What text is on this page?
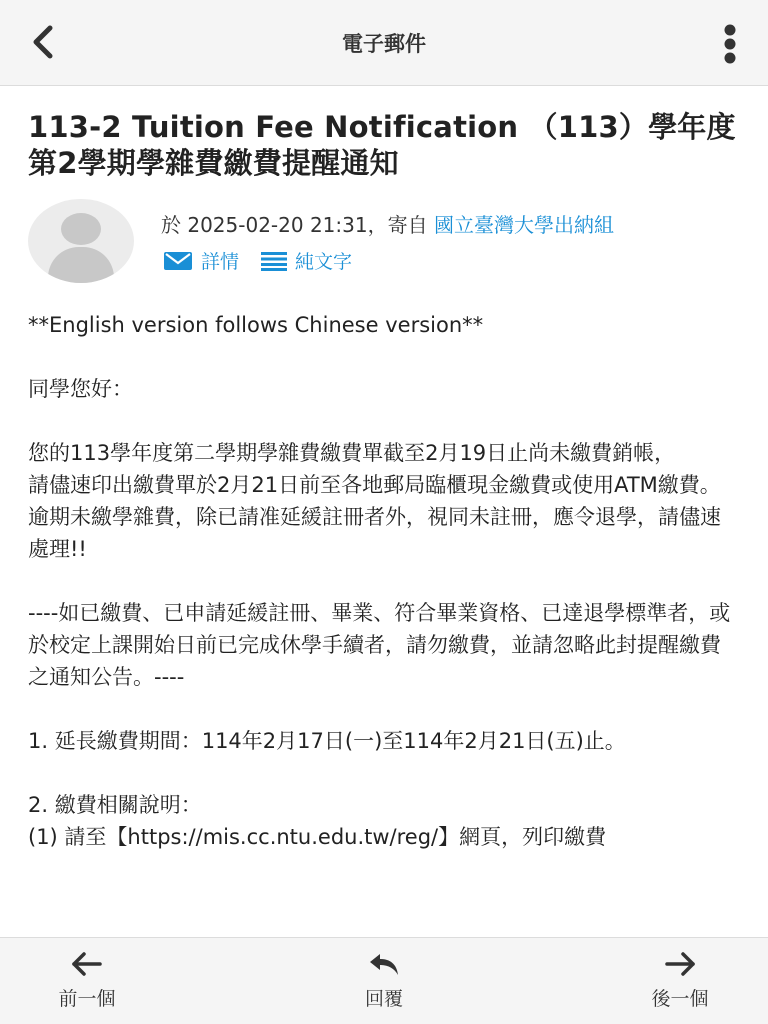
電子郵件
113-2 Tuition Fee Notification （113）學年度第2學期學雜費繳費提醒通知
於 2025-02-20 21:31，寄自 國立臺灣大學出納組
詳情	純文字

**English version follows Chinese version**

同學您好：

您的113學年度第二學期學雜費繳費單截至2月19日止尚未繳費銷帳，
請儘速印出繳費單於2月21日前至各地郵局臨櫃現金繳費或使用ATM繳費。
逾期未繳學雜費，除已請准延緩註冊者外，視同未註冊，應令退學，請儘速處理!!

----如已繳費、已申請延緩註冊、畢業、符合畢業資格、已達退學標準者，或於校定上課開始日前已完成休學手續者，請勿繳費，並請忽略此封提醒繳費之通知公告。----

1. 延長繳費期間：114年2月17日(一)至114年2月21日(五)止。

2. 繳費相關說明：

(1) 請至【https://mis.cc.ntu.edu.tw/reg/】網頁，列印繳費

前一個	回覆	後一個
